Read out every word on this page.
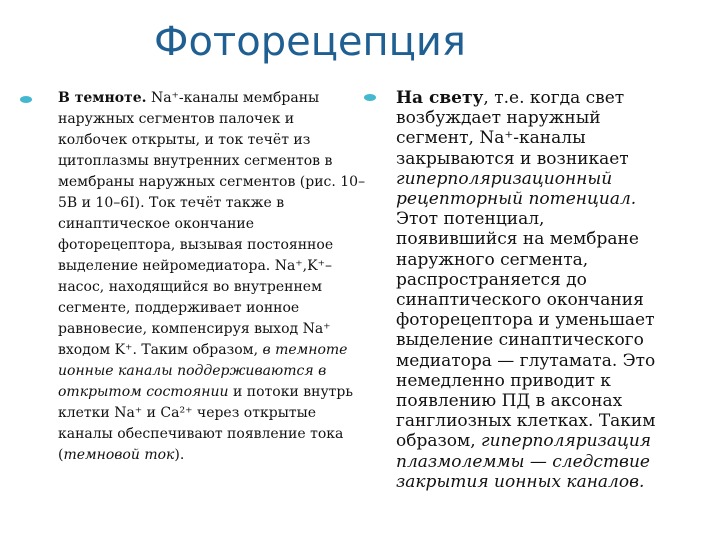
Фоторецепция

В темноте. Na⁺-каналы мембраны наружных сегментов палочек и колбочек открыты, и ток течёт из цитоплазмы внутренних сегментов в мембраны наружных сегментов (рис. 10–5В и 10–6I). Ток течёт также в синаптическое окончание фоторецептора, вызывая постоянное выделение нейромедиатора. Na⁺,K⁺–насос, находящийся во внутреннем сегменте, поддерживает ионное равновесие, компенсируя выход Na⁺ входом K⁺. Таким образом, в темноте ионные каналы поддерживаются в открытом состоянии и потоки внутрь клетки Na⁺ и Ca²⁺ через открытые каналы обеспечивают появление тока (темновой ток).

На свету, т.е. когда свет возбуждает наружный сегмент, Na⁺-каналы закрываются и возникает гиперполяризационный рецепторный потенциал. Этот потенциал, появившийся на мембране наружного сегмента, распространяется до синаптического окончания фоторецептора и уменьшает выделение синаптического медиатора — глутамата. Это немедленно приводит к появлению ПД в аксонах ганглиозных клетках. Таким образом, гиперполяризация плазмолеммы — следствие закрытия ионных каналов.
